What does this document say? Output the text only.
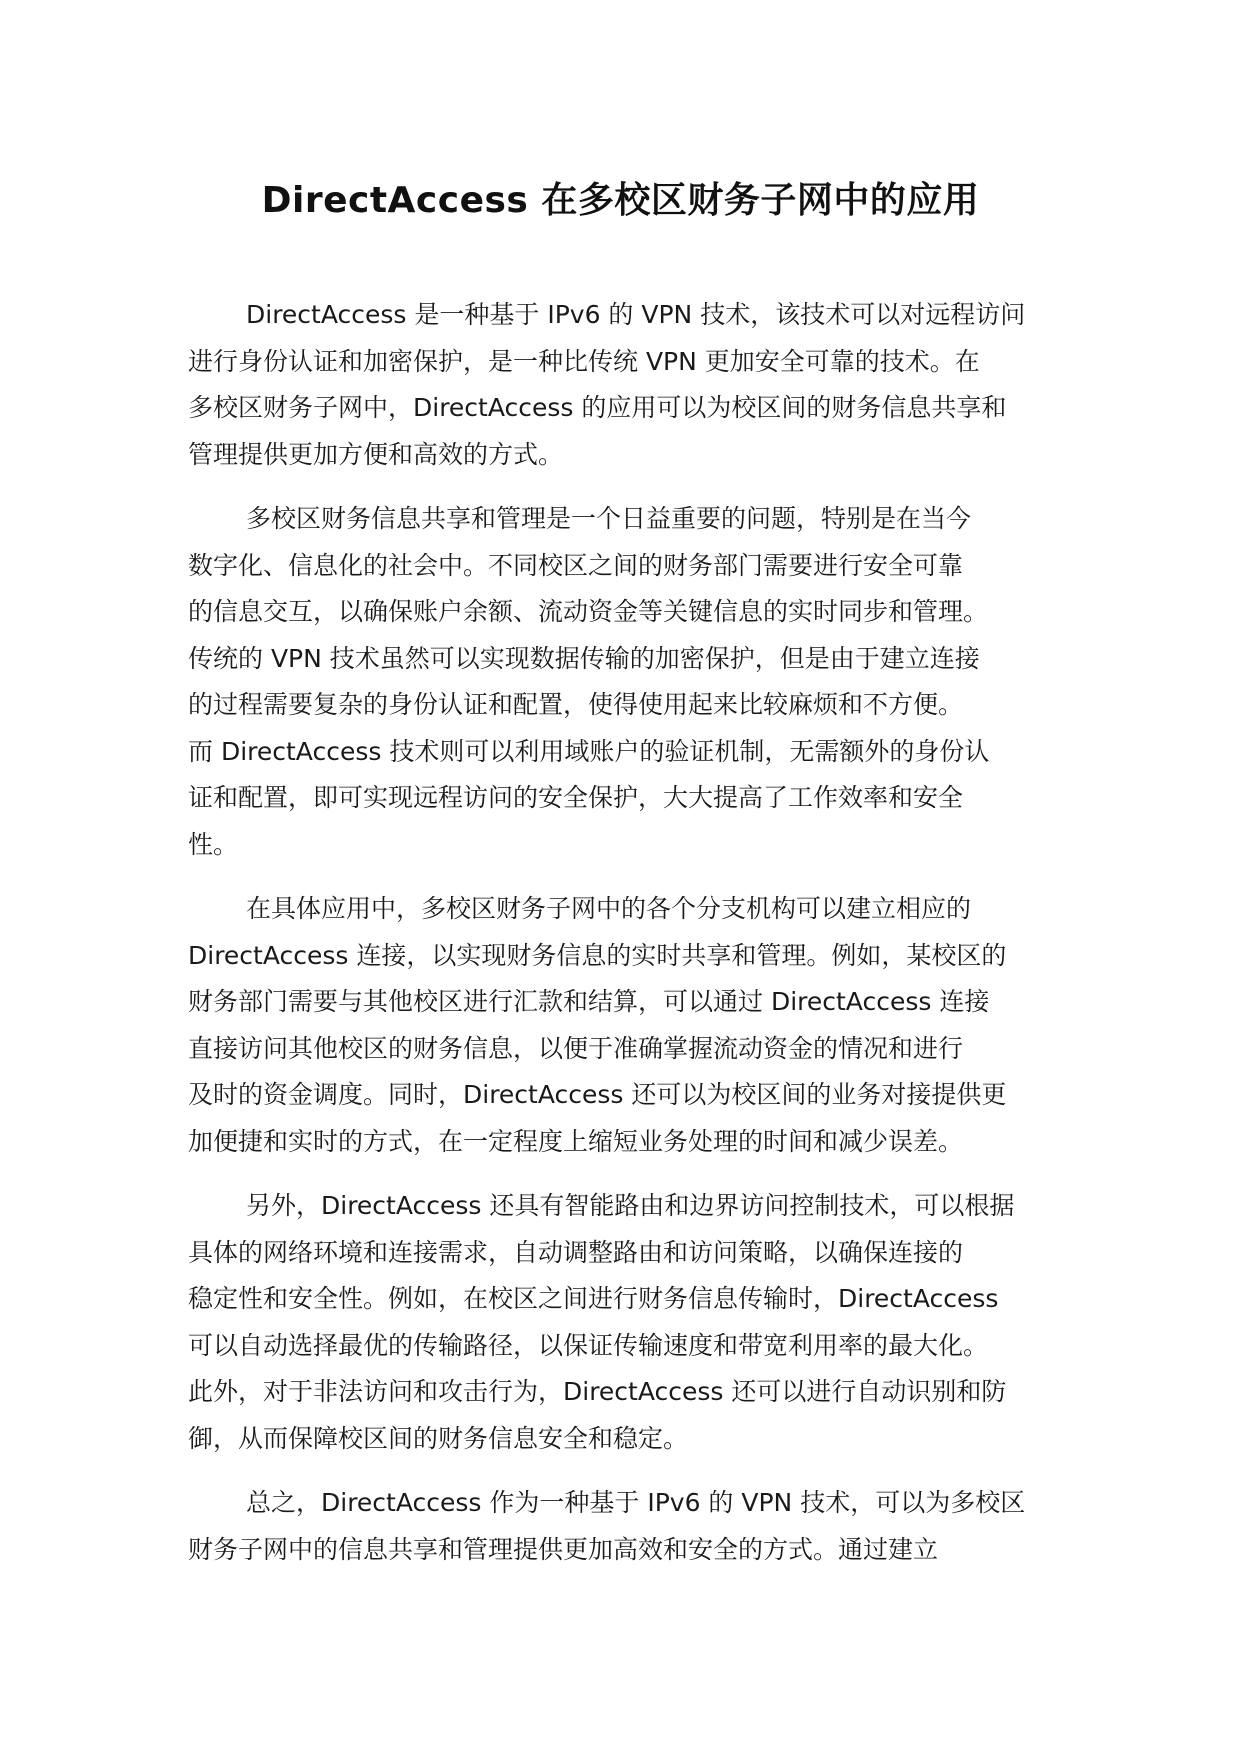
DirectAccess 在多校区财务子网中的应用
DirectAccess 是一种基于 IPv6 的 VPN 技术，该技术可以对远程访问
进行身份认证和加密保护，是一种比传统 VPN 更加安全可靠的技术。在
多校区财务子网中，DirectAccess 的应用可以为校区间的财务信息共享和
管理提供更加方便和高效的方式。
多校区财务信息共享和管理是一个日益重要的问题，特别是在当今
数字化、信息化的社会中。不同校区之间的财务部门需要进行安全可靠
的信息交互，以确保账户余额、流动资金等关键信息的实时同步和管理。
传统的 VPN 技术虽然可以实现数据传输的加密保护，但是由于建立连接
的过程需要复杂的身份认证和配置，使得使用起来比较麻烦和不方便。
而 DirectAccess 技术则可以利用域账户的验证机制，无需额外的身份认
证和配置，即可实现远程访问的安全保护，大大提高了工作效率和安全
性。
在具体应用中，多校区财务子网中的各个分支机构可以建立相应的
DirectAccess 连接，以实现财务信息的实时共享和管理。例如，某校区的
财务部门需要与其他校区进行汇款和结算，可以通过 DirectAccess 连接
直接访问其他校区的财务信息，以便于准确掌握流动资金的情况和进行
及时的资金调度。同时，DirectAccess 还可以为校区间的业务对接提供更
加便捷和实时的方式，在一定程度上缩短业务处理的时间和减少误差。
另外，DirectAccess 还具有智能路由和边界访问控制技术，可以根据
具体的网络环境和连接需求，自动调整路由和访问策略，以确保连接的
稳定性和安全性。例如，在校区之间进行财务信息传输时，DirectAccess
可以自动选择最优的传输路径，以保证传输速度和带宽利用率的最大化。
此外，对于非法访问和攻击行为，DirectAccess 还可以进行自动识别和防
御，从而保障校区间的财务信息安全和稳定。
总之，DirectAccess 作为一种基于 IPv6 的 VPN 技术，可以为多校区
财务子网中的信息共享和管理提供更加高效和安全的方式。通过建立
